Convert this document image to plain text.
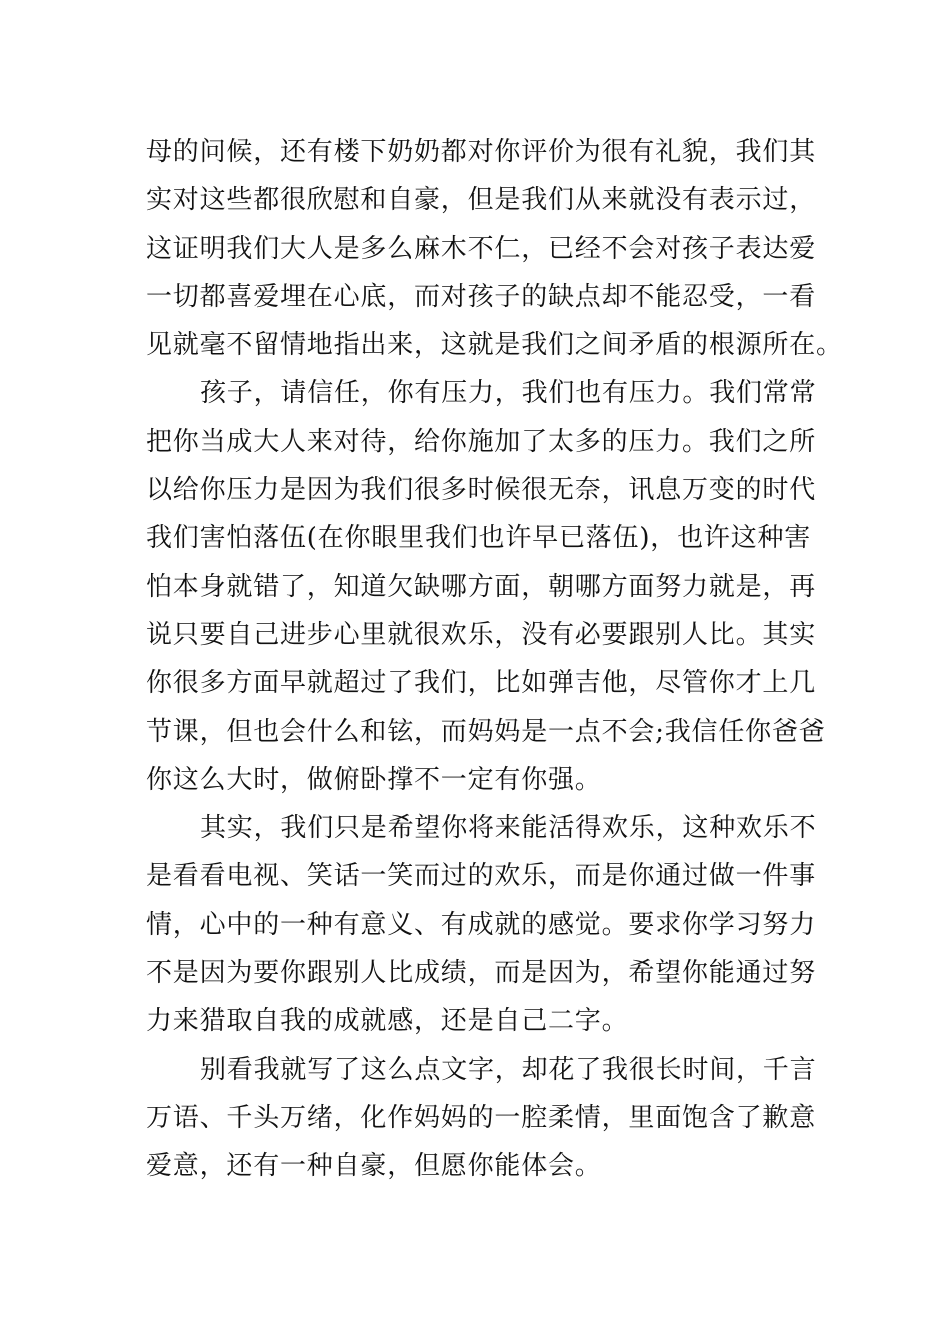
母的问候，还有楼下奶奶都对你评价为很有礼貌，我们其
实对这些都很欣慰和自豪，但是我们从来就没有表示过，
这证明我们大人是多么麻木不仁，已经不会对孩子表达爱
一切都喜爱埋在心底，而对孩子的缺点却不能忍受，一看
见就毫不留情地指出来，这就是我们之间矛盾的根源所在。
孩子，请信任，你有压力，我们也有压力。我们常常
把你当成大人来对待，给你施加了太多的压力。我们之所
以给你压力是因为我们很多时候很无奈，讯息万变的时代
我们害怕落伍(在你眼里我们也许早已落伍)，也许这种害
怕本身就错了，知道欠缺哪方面，朝哪方面努力就是，再
说只要自己进步心里就很欢乐，没有必要跟别人比。其实
你很多方面早就超过了我们，比如弹吉他，尽管你才上几
节课，但也会什么和铉，而妈妈是一点不会;我信任你爸爸
你这么大时，做俯卧撑不一定有你强。
其实，我们只是希望你将来能活得欢乐，这种欢乐不
是看看电视、笑话一笑而过的欢乐，而是你通过做一件事
情，心中的一种有意义、有成就的感觉。要求你学习努力
不是因为要你跟别人比成绩，而是因为，希望你能通过努
力来猎取自我的成就感，还是自己二字。
别看我就写了这么点文字，却花了我很长时间，千言
万语、千头万绪，化作妈妈的一腔柔情，里面饱含了歉意
爱意，还有一种自豪，但愿你能体会。
